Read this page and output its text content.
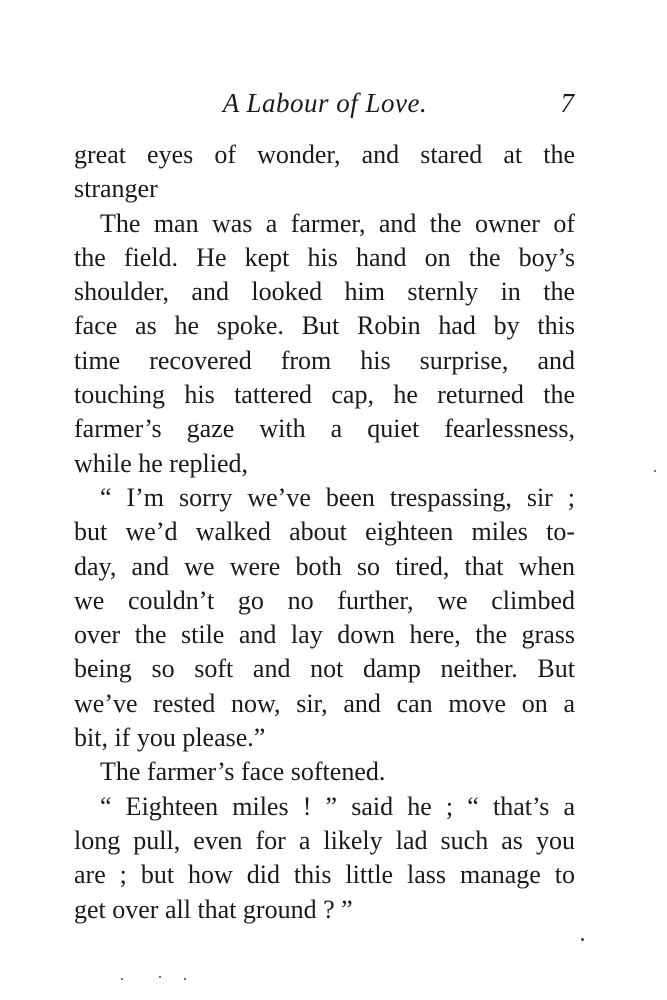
A Labour of Love.	7
great eyes of wonder, and stared at the
stranger
The man was a farmer, and the owner of
the field. He kept his hand on the boy’s
shoulder, and looked him sternly in the
face as he spoke. But Robin had by this
time recovered from his surprise, and
touching his tattered cap, he returned the
farmer’s gaze with a quiet fearlessness,
while he replied,
“ I’m sorry we’ve been trespassing, sir ;
but we’d walked about eighteen miles to-
day, and we were both so tired, that when
we couldn’t go no further, we climbed
over the stile and lay down here, the grass
being so soft and not damp neither. But
we’ve rested now, sir, and can move on a
bit, if you please.”
The farmer’s face softened.
“ Eighteen miles ! ” said he ; “ that’s a
long pull, even for a likely lad such as you
are ; but how did this little lass manage to
get over all that ground ? ”
